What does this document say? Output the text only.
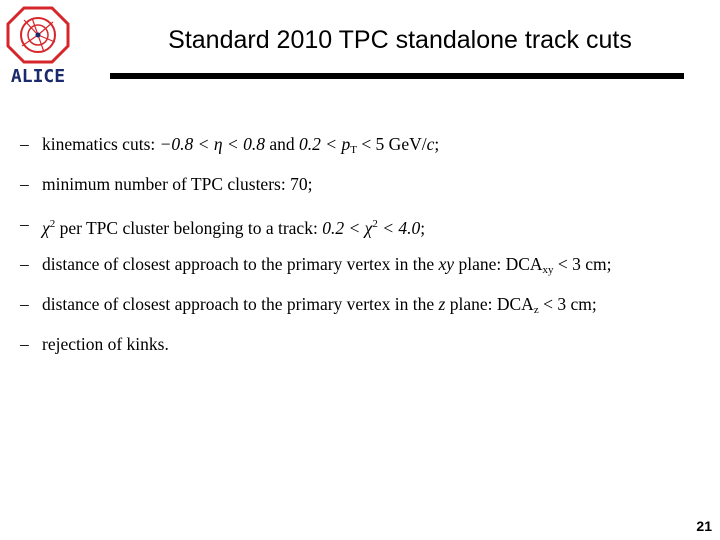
ALICE
Standard 2010 TPC standalone track cuts
– kinematics cuts: −0.8 < η < 0.8 and $0.2 < p_T < 5$ GeV/c;
– minimum number of TPC clusters: 70;
– $\chi^2$ per TPC cluster belonging to a track: $0.2 < \chi^2 < 4.0$;
– distance of closest approach to the primary vertex in the xy plane: $DCA_{xy} < 3$ cm;
– distance of closest approach to the primary vertex in the z plane: $DCA_z < 3$ cm;
– rejection of kinks.
21
